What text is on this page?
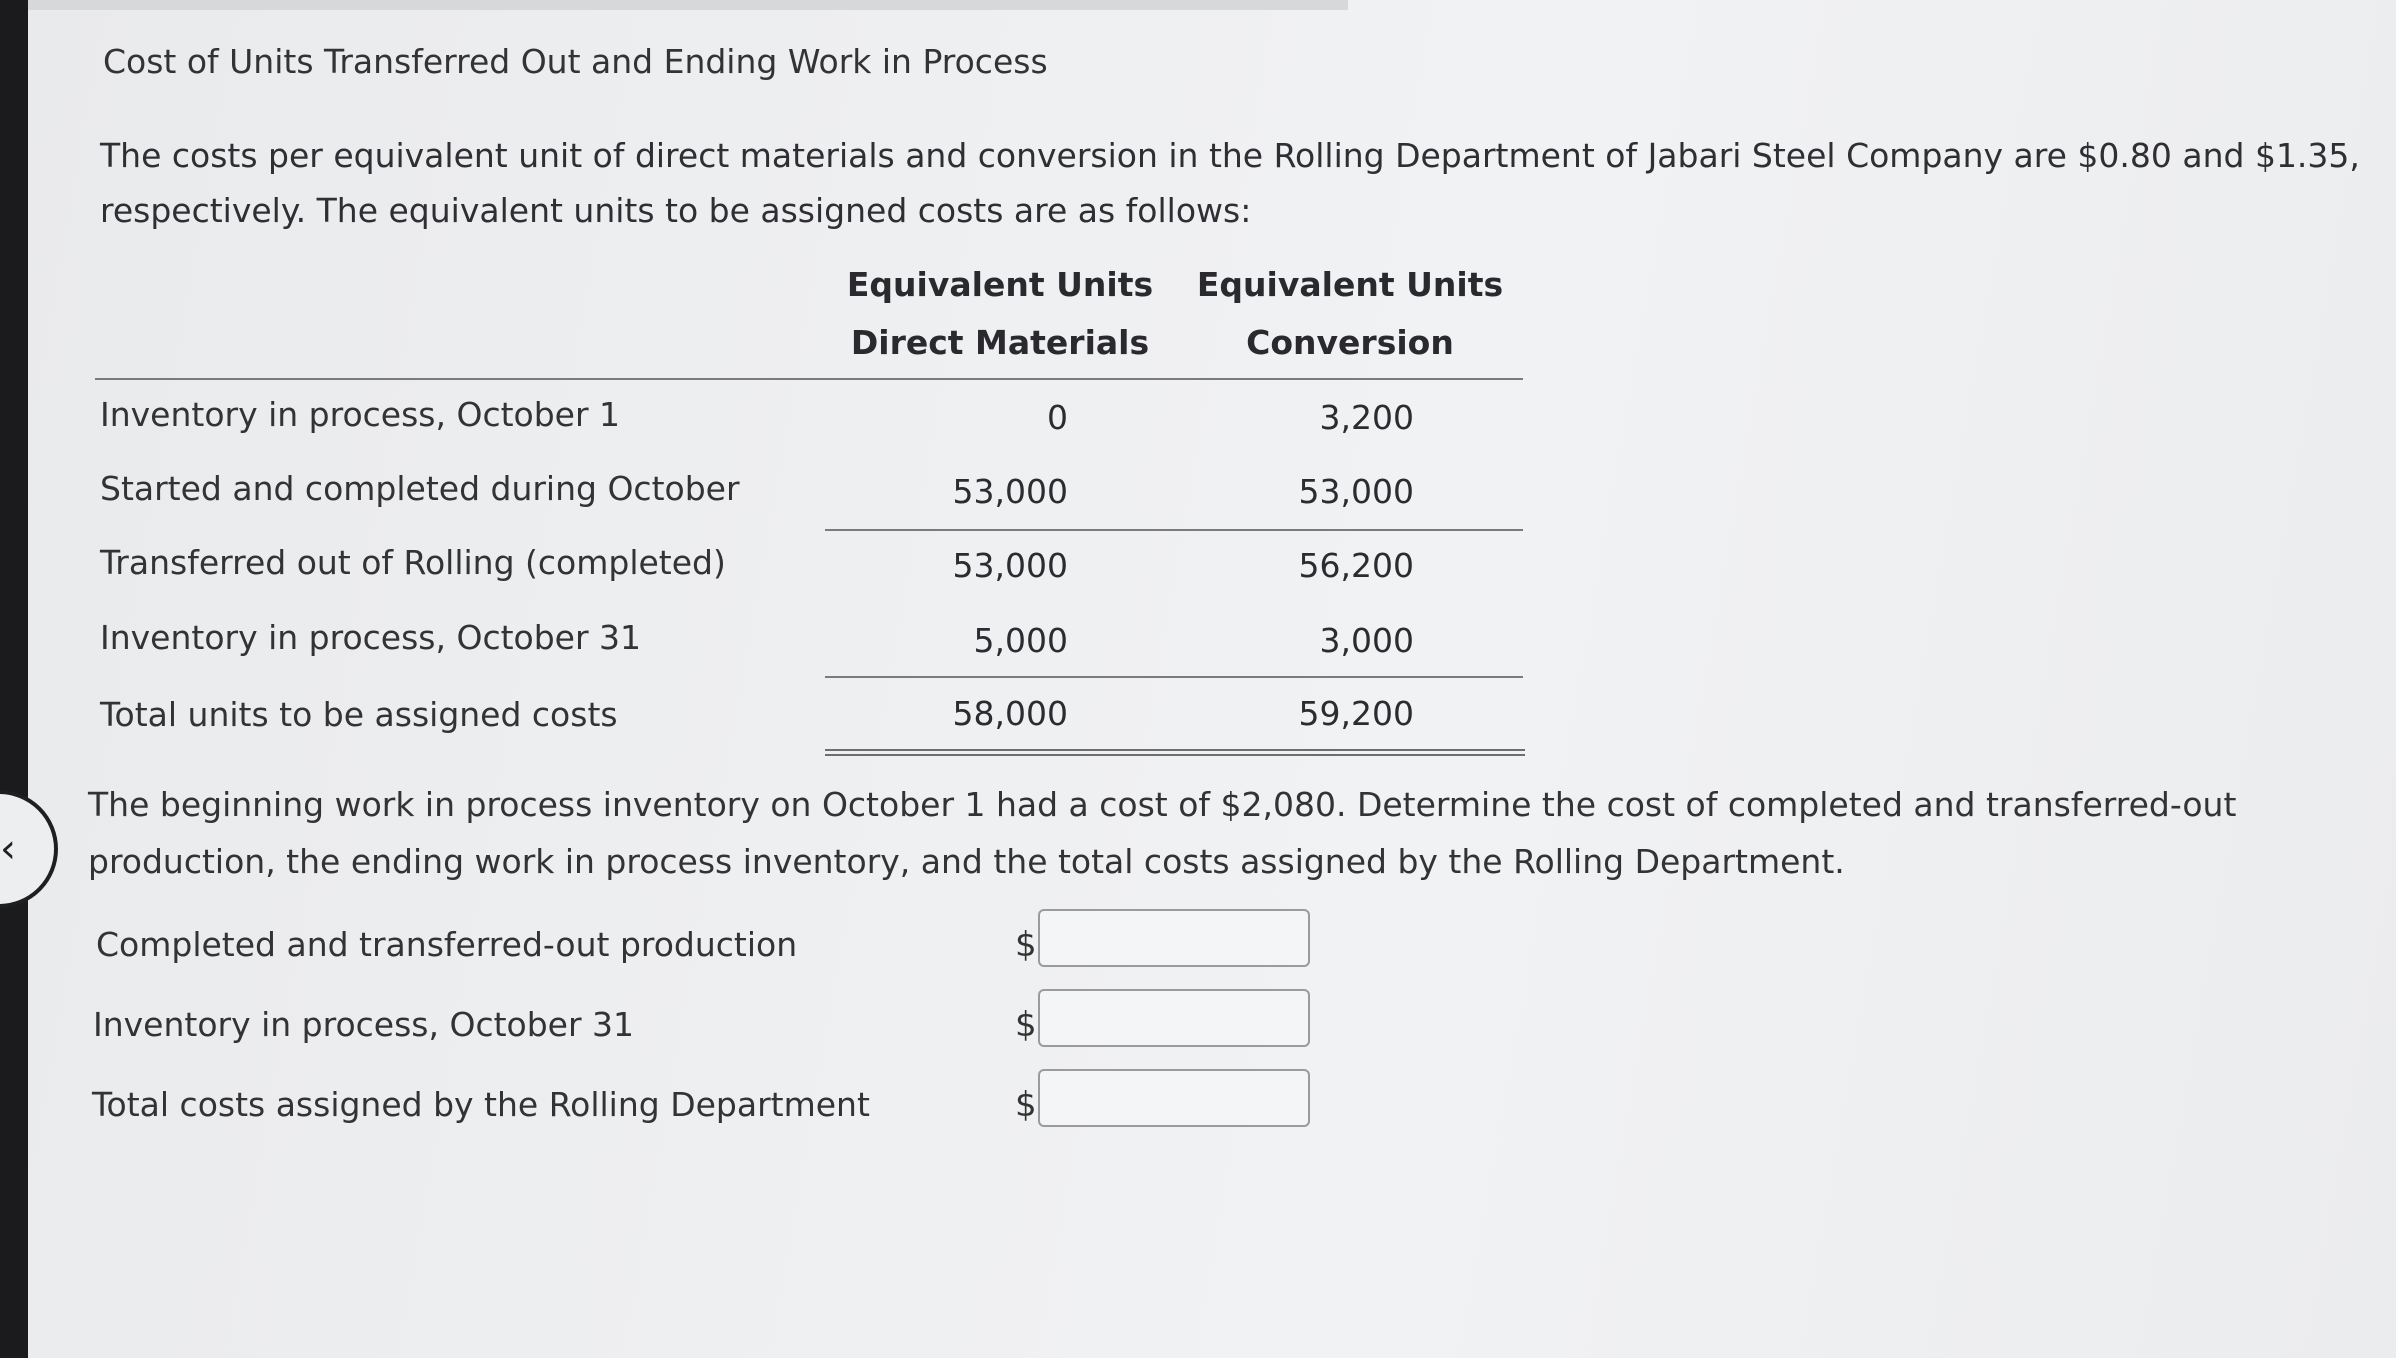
‹
Cost of Units Transferred Out and Ending Work in Process
The costs per equivalent unit of direct materials and conversion in the Rolling Department of Jabari Steel Company are $0.80 and $1.35, respectively. The equivalent units to be assigned costs are as follows:
Equivalent Units
Direct Materials
Equivalent Units
Conversion
Inventory in process, October 1	0	3,200
Started and completed during October	53,000	53,000
Transferred out of Rolling (completed)	53,000	56,200
Inventory in process, October 31	5,000	3,000
Total units to be assigned costs	58,000	59,200
The beginning work in process inventory on October 1 had a cost of $2,080. Determine the cost of completed and transferred-out production, the ending work in process inventory, and the total costs assigned by the Rolling Department.
Completed and transferred-out production	$
Inventory in process, October 31	$
Total costs assigned by the Rolling Department	$
